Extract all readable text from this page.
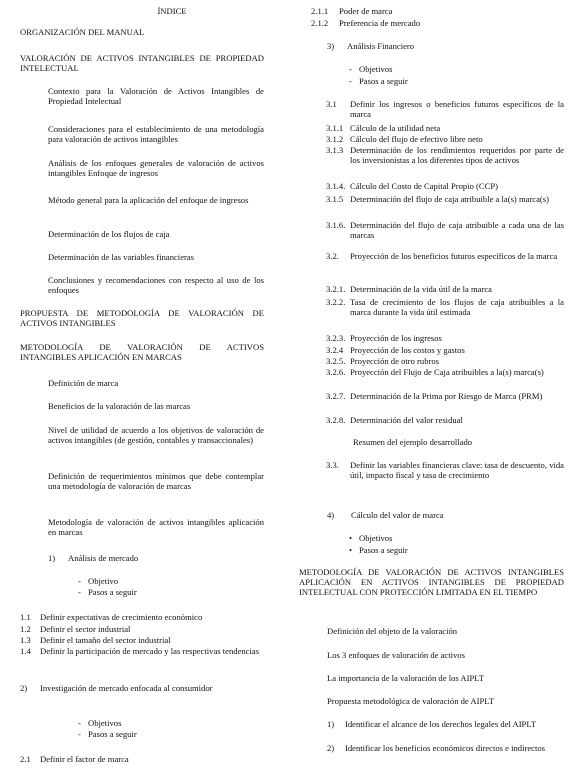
ÍNDICE
ORGANIZACIÓN DEL MANUAL
VALORACIÓN DE ACTIVOS INTANGIBLES DE PROPIEDAD INTELECTUAL
Contexto para la Valoración de Activos Intangibles de Propiedad Intelectual
Consideraciones para el establecimiento de una metodología para valoración de activos intangibles
Análisis de los enfoques generales de valoración de activos intangibles Enfoque de ingresos
Método general para la aplicación del enfoque de ingresos
Determinación de los flujos de caja
Determinación de las variables financieras
Conclusiones y recomendaciones con respecto al uso de los enfoques
PROPUESTA DE METODOLOGÍA DE VALORACIÓN DE ACTIVOS INTANGIBLES
METODOLOGÍA DE VALORACIÓN DE ACTIVOS INTANGIBLES APLICACIÓN EN MARCAS
Definición de marca
Beneficios de la valoración de las marcas
Nivel de utilidad de acuerdo a los objetivos de valoración de activos intangibles (de gestión, contables y transaccionales)
Definición de requerimientos mínimos que debe contemplar una metodología de valoración de marcas
Metodología de valoración de activos intangibles aplicación en marcas
1) Análisis de mercado
- Objetivo
- Pasos a seguir
1.1 Definir expectativas de crecimiento económico
1.2 Definir el sector industrial
1.3 Definir el tamaño del sector industrial
1.4 Definir la participación de mercado y las respectivas tendencias
2) Investigación de mercado enfocada al consumidor
- Objetivos
- Pasos a seguir
2.1 Definir el factor de marca
2.1.1 Poder de marca
2.1.2 Preferencia de mercado
3) Análisis Financiero
- Objetivos
- Pasos a seguir
3.1 Definir los ingresos o beneficios futuros específicos de la marca
3.1.1 Cálculo de la utilidad neta
3.1.2 Cálculo del flujo de efectivo libre neto
3.1.3 Determinación de los rendimientos requeridos por parte de los inversionistas a los diferentes tipos de activos
3.1.4. Cálculo del Costo de Capital Propio (CCP)
3.1.5 Determinación del flujo de caja atribuible a la(s) marca(s)
3.1.6. Determinación del flujo de caja atribuible a cada una de las marcas
3.2. Proyección de los beneficios futuros específicos de la marca
3.2.1. Determinación de la vida útil de la marca
3.2.2. Tasa de crecimiento de los flujos de caja atribuibles a la marca durante la vida útil estimada
3.2.3. Proyección de los ingresos
3.2.4 Proyección de los costos y gastos
3.2.5. Proyección de otro rubros
3.2.6. Proyección del Flujo de Caja atribuibles a la(s) marca(s)
3.2.7. Determinación de la Prima por Riesgo de Marca (PRM)
3.2.8. Determinación del valor residual
Resumen del ejemplo desarrollado
3.3. Definir las variables financieras clave: tasa de descuento, vida útil, impacto fiscal y tasa de crecimiento
4) Cálculo del valor de marca
• Objetivos
• Pasos a seguir
METODOLOGÍA DE VALORACIÓN DE ACTIVOS INTANGIBLES APLICACIÓN EN ACTIVOS INTANGIBLES DE PROPIEDAD INTELECTUAL CON PROTECCIÓN LIMITADA EN EL TIEMPO
Definición del objeto de la valoración
Los 3 enfoques de valoración de activos
La importancia de la valoración de los AIPLT
Propuesta metodológica de valoración de AIPLT
1) Identificar el alcance de los derechos legales del AIPLT
2) Identificar los beneficios económicos directos e indirectos
